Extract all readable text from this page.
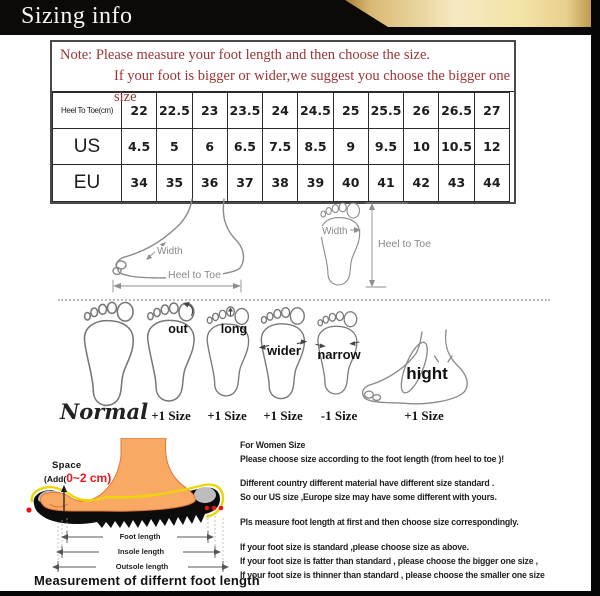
Sizing info
Note: Please measure your foot length and then choose the size.
If your foot is bigger or wider,we suggest you choose the bigger one size
Heel To Toe(cm)	22	22.5	23	23.5	24	24.5	25	25.5	26	26.5	27
US	4.5	5	6	6.5	7.5	8.5	9	9.5	10	10.5	12
EU	34	35	36	37	38	39	40	41	42	43	44
Width
Heel to Toe
Width
Heel to Toe
out	long
wider	narrow
hight
Normal +1 Size	+1 Size	+1 Size	-1 Size	+1 Size
Space
(Add(0~2 cm)
Foot length
Insole length
Outsole length
Measurement of differnt foot length
For Women Size
Please choose size according to the foot length (from heel to toe )!
Different country different material have different size standard .
So our US size ,Europe size may have some different with yours.
Pls measure foot length at first and then choose size correspondingly.
If your foot size is standard ,please choose size as above.
If your foot size is fatter than standard , please choose the bigger one size ,
If your foot size is thinner than standard , please choose the smaller one size
